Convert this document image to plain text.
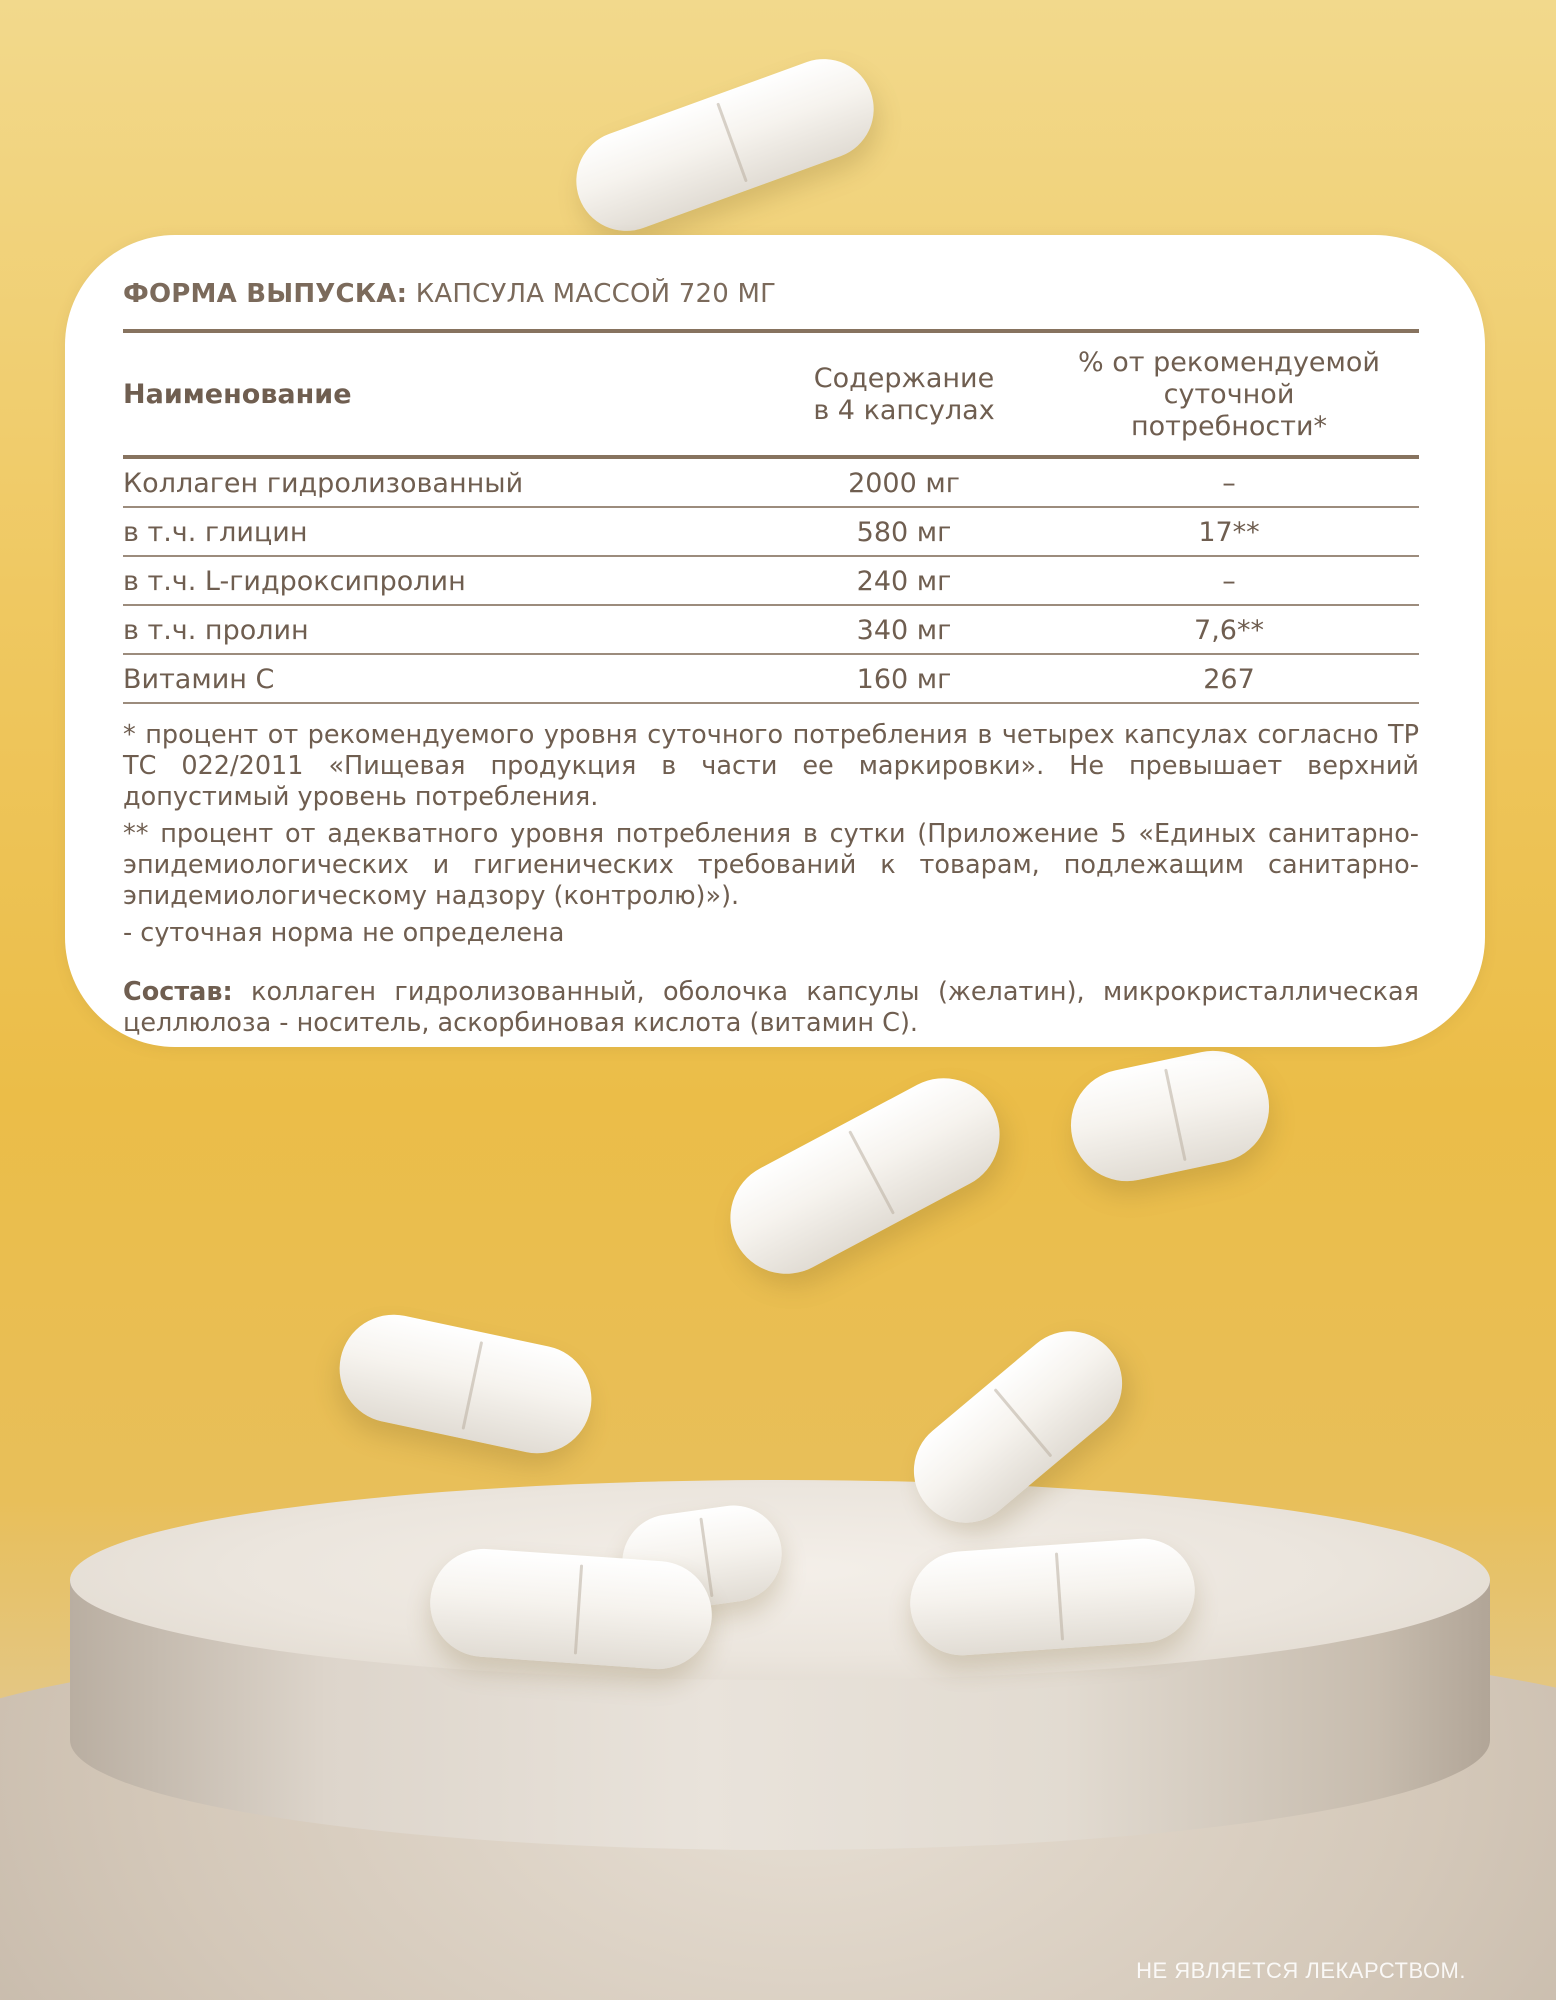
ФОРМА ВЫПУСКА: КАПСУЛА МАССОЙ 720 МГ
Наименование	Содержание в 4 капсулах	% от рекомендуемой суточной потребности*
Коллаген гидролизованный	2000 мг	–
в т.ч. глицин	580 мг	17**
в т.ч. L-гидроксипролин	240 мг	–
в т.ч. пролин	340 мг	7,6**
Витамин С	160 мг	267

* процент от рекомендуемого уровня суточного потребления в четырех капсулах согласно ТР ТС 022/2011 «Пищевая продукция в части ее маркировки». Не превышает верхний допустимый уровень потребления.

** процент от адекватного уровня потребления в сутки (Приложение 5 «Единых санитарно-эпидемиологических и гигиенических требований к товарам, подлежащим санитарно-эпидемиологическому надзору (контролю)»).

- суточная норма не определена

Состав: коллаген гидролизованный, оболочка капсулы (желатин), микрокристаллическая целлюлоза - носитель, аскорбиновая кислота (витамин С).
НЕ ЯВЛЯЕТСЯ ЛЕКАРСТВОМ.
